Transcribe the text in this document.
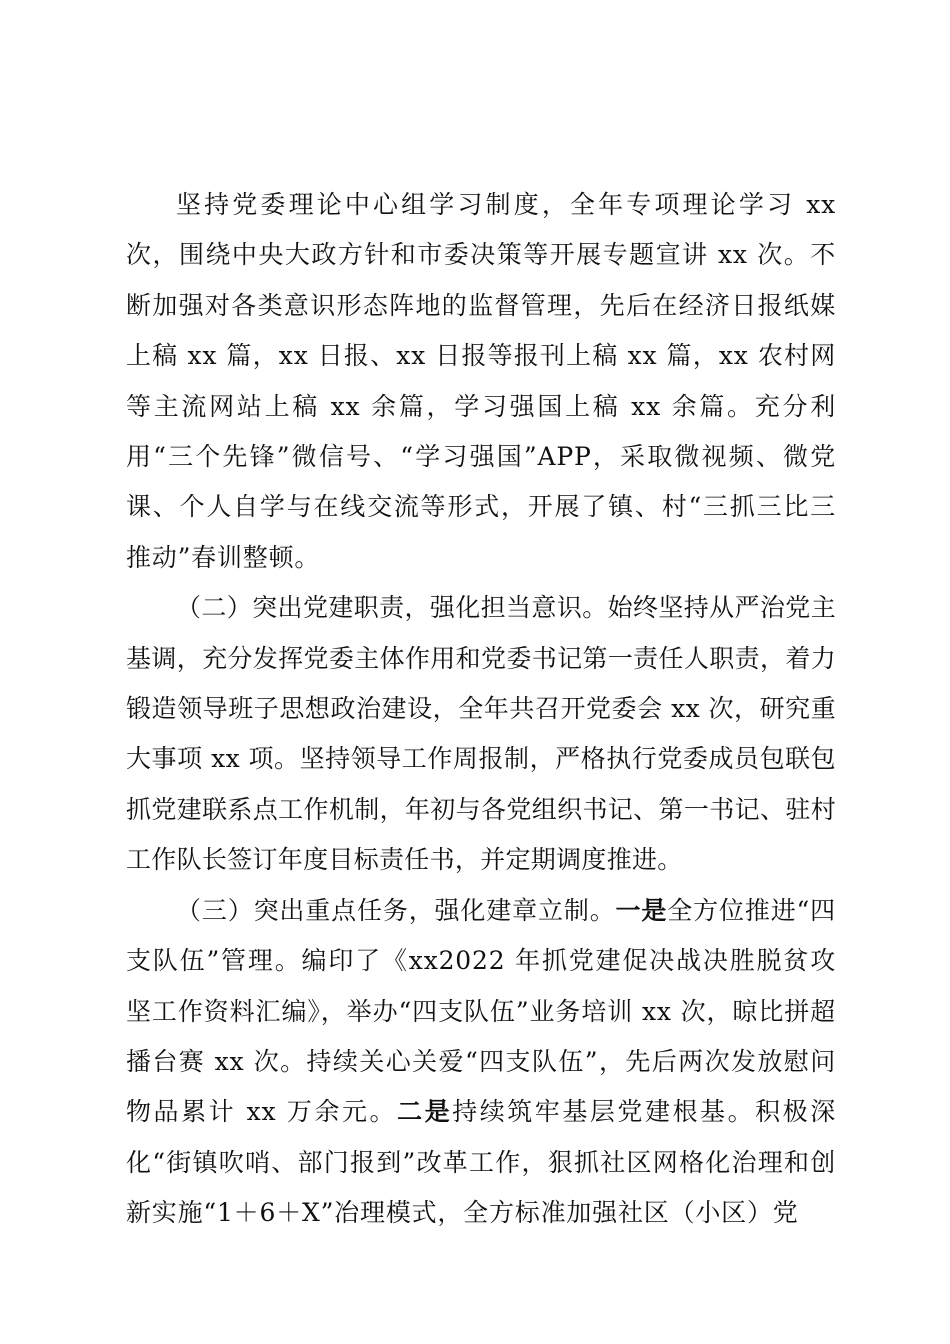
坚持党委理论中心组学习制度，全年专项理论学习 xx 次，围绕中央大政方针和市委决策等开展专题宣讲 xx 次。不断加强对各类意识形态阵地的监督管理，先后在经济日报纸媒上稿 xx 篇，xx 日报、xx 日报等报刊上稿 xx 篇，xx 农村网等主流网站上稿 xx 余篇，学习强国上稿 xx 余篇。充分利用“三个先锋”微信号、“学习强国”APP，采取微视频、微党课、个人自学与在线交流等形式，开展了镇、村“三抓三比三推动”春训整顿。

（二）突出党建职责，强化担当意识。始终坚持从严治党主基调，充分发挥党委主体作用和党委书记第一责任人职责，着力锻造领导班子思想政治建设，全年共召开党委会 xx 次，研究重大事项 xx 项。坚持领导工作周报制，严格执行党委成员包联包抓党建联系点工作机制，年初与各党组织书记、第一书记、驻村工作队长签订年度目标责任书，并定期调度推进。

（三）突出重点任务，强化建章立制。一是全方位推进“四支队伍”管理。编印了《xx2022 年抓党建促决战决胜脱贫攻坚工作资料汇编》，举办“四支队伍”业务培训 xx 次，晾比拼超播台赛 xx 次。持续关心关爱“四支队伍”，先后两次发放慰问物品累计 xx 万余元。二是持续筑牢基层党建根基。积极深化“街镇吹哨、部门报到”改革工作，狠抓社区网格化治理和创新实施“1＋6＋X”冶理模式，全方标准加强社区（小区）党
